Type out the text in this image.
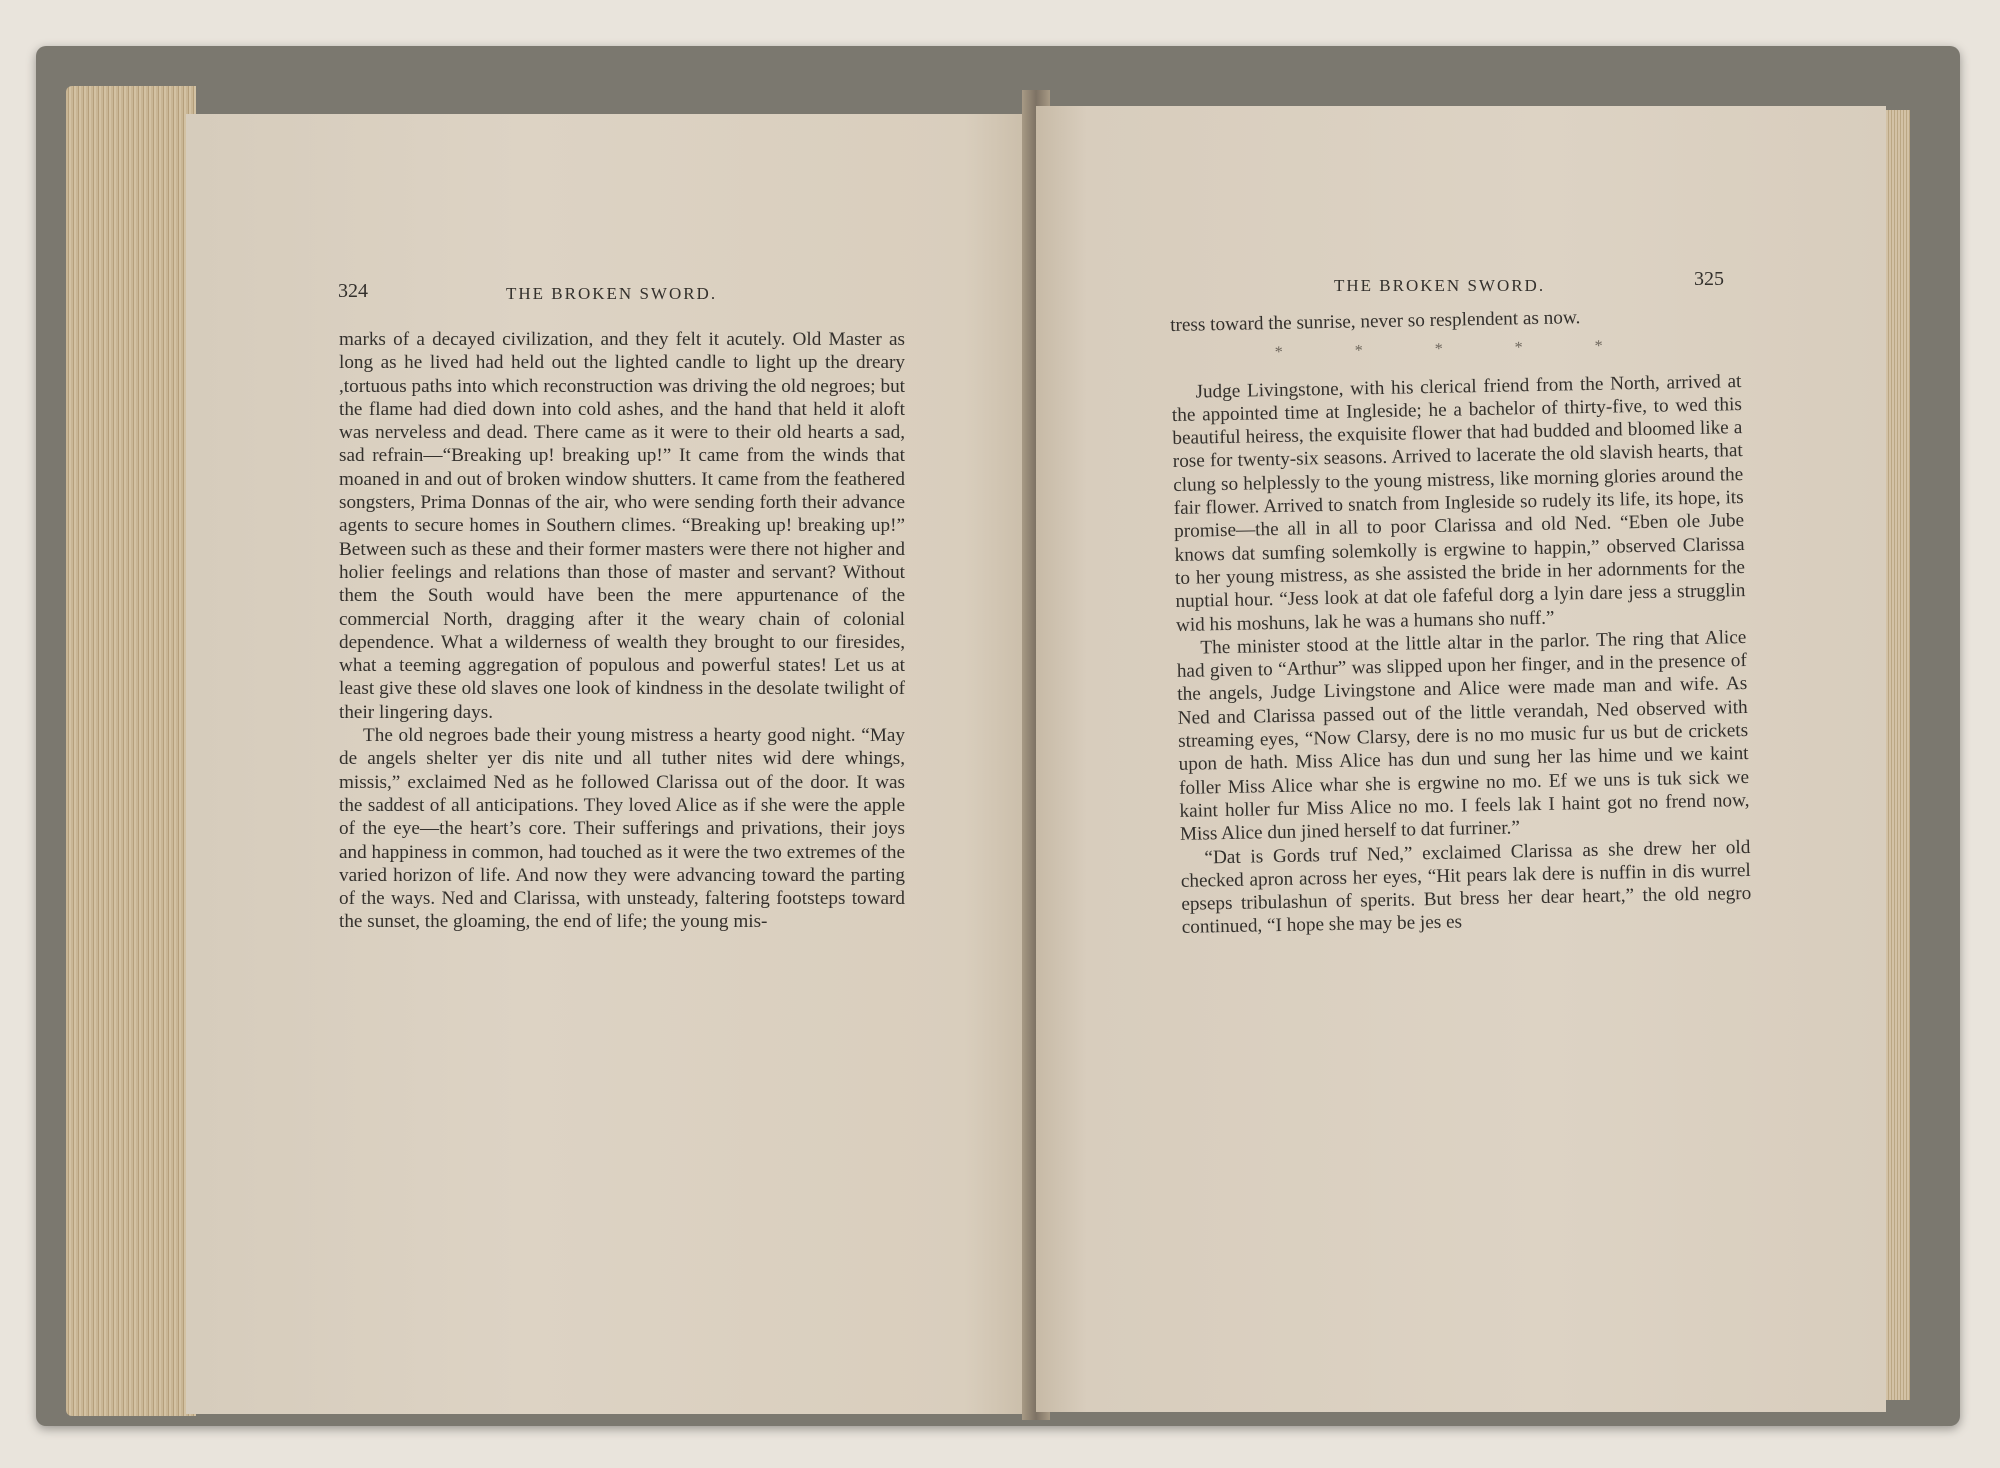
324	THE BROKEN SWORD.

marks of a decayed civilization, and they felt it acutely. Old Master as long as he lived had held out the lighted candle to light up the dreary ,tortuous paths into which reconstruction was driving the old negroes; but the flame had died down into cold ashes, and the hand that held it aloft was nerveless and dead. There came as it were to their old hearts a sad, sad refrain—“Breaking up! breaking up!” It came from the winds that moaned in and out of broken window shutters. It came from the feathered songsters, Prima Donnas of the air, who were sending forth their advance agents to secure homes in Southern climes. “Breaking up! breaking up!” Between such as these and their former masters were there not higher and holier feelings and relations than those of master and servant? Without them the South would have been the mere appurtenance of the commercial North, dragging after it the weary chain of colonial dependence. What a wilderness of wealth they brought to our firesides, what a teeming aggregation of populous and powerful states! Let us at least give these old slaves one look of kindness in the desolate twilight of their lingering days.

The old negroes bade their young mistress a hearty good night. “May de angels shelter yer dis nite und all tuther nites wid dere whings, missis,” exclaimed Ned as he followed Clarissa out of the door. It was the saddest of all anticipations. They loved Alice as if she were the apple of the eye—the heart’s core. Their sufferings and privations, their joys and happiness in common, had touched as it were the two extremes of the varied horizon of life. And now they were advancing toward the parting of the ways. Ned and Clarissa, with unsteady, faltering footsteps toward the sunset, the gloaming, the end of life; the young mis-

THE BROKEN SWORD.	325

tress toward the sunrise, never so resplendent as now.

* * * * *

Judge Livingstone, with his clerical friend from the North, arrived at the appointed time at Ingleside; he a bachelor of thirty-five, to wed this beautiful heiress, the exquisite flower that had budded and bloomed like a rose for twenty-six seasons. Arrived to lacerate the old slavish hearts, that clung so helplessly to the young mistress, like morning glories around the fair flower. Arrived to snatch from Ingleside so rudely its life, its hope, its promise—the all in all to poor Clarissa and old Ned. “Eben ole Jube knows dat sumfing solemkolly is ergwine to happin,” observed Clarissa to her young mistress, as she assisted the bride in her adornments for the nuptial hour. “Jess look at dat ole fafeful dorg a lyin dare jess a strugglin wid his moshuns, lak he was a humans sho nuff.”

The minister stood at the little altar in the parlor. The ring that Alice had given to “Arthur” was slipped upon her finger, and in the presence of the angels, Judge Livingstone and Alice were made man and wife. As Ned and Clarissa passed out of the little verandah, Ned observed with streaming eyes, “Now Clarsy, dere is no mo music fur us but de crickets upon de hath. Miss Alice has dun und sung her las hime und we kaint foller Miss Alice whar she is ergwine no mo. Ef we uns is tuk sick we kaint holler fur Miss Alice no mo. I feels lak I haint got no frend now, Miss Alice dun jined herself to dat furriner.”

“Dat is Gords truf Ned,” exclaimed Clarissa as she drew her old checked apron across her eyes, “Hit pears lak dere is nuffin in dis wurrel epseps tribulashun of sperits. But bress her dear heart,” the old negro continued, “I hope she may be jes es
